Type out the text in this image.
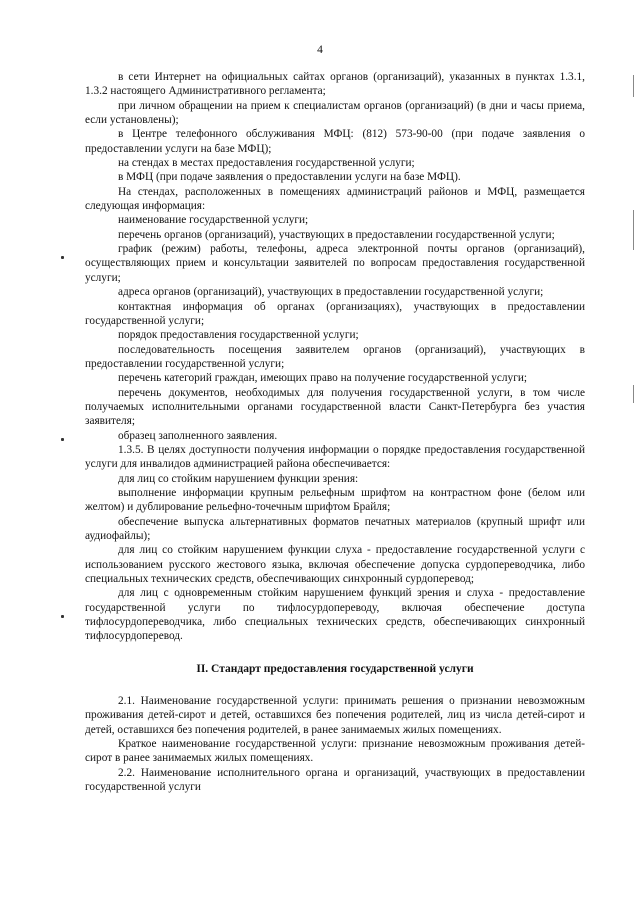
4

в сети Интернет на официальных сайтах органов (организаций), указанных в пунктах 1.3.1, 1.3.2 настоящего Административного регламента;

при личном обращении на прием к специалистам органов (организаций) (в дни и часы приема, если установлены);

в Центре телефонного обслуживания МФЦ: (812) 573-90-00 (при подаче заявления о предоставлении услуги на базе МФЦ);

на стендах в местах предоставления государственной услуги;

в МФЦ (при подаче заявления о предоставлении услуги на базе МФЦ).

На стендах, расположенных в помещениях администраций районов и МФЦ, размещается следующая информация:

наименование государственной услуги;

перечень органов (организаций), участвующих в предоставлении государственной услуги;

график (режим) работы, телефоны, адреса электронной почты органов (организаций), осуществляющих прием и консультации заявителей по вопросам предоставления государственной услуги;

адреса органов (организаций), участвующих в предоставлении государственной услуги;

контактная информация об органах (организациях), участвующих в предоставлении государственной услуги;

порядок предоставления государственной услуги;

последовательность посещения заявителем органов (организаций), участвующих в предоставлении государственной услуги;

перечень категорий граждан, имеющих право на получение государственной услуги;

перечень документов, необходимых для получения государственной услуги, в том числе получаемых исполнительными органами государственной власти Санкт-Петербурга без участия заявителя;

образец заполненного заявления.

1.3.5. В целях доступности получения информации о порядке предоставления государственной услуги для инвалидов администрацией района обеспечивается:

для лиц со стойким нарушением функции зрения:

выполнение информации крупным рельефным шрифтом на контрастном фоне (белом или желтом) и дублирование рельефно-точечным шрифтом Брайля;

обеспечение выпуска альтернативных форматов печатных материалов (крупный шрифт или аудиофайлы);

для лиц со стойким нарушением функции слуха - предоставление государственной услуги с использованием русского жестового языка, включая обеспечение допуска сурдопереводчика, либо специальных технических средств, обеспечивающих синхронный сурдоперевод;

для лиц с одновременным стойким нарушением функций зрения и слуха - предоставление государственной услуги по тифлосурдопереводу, включая обеспечение доступа тифлосурдопереводчика, либо специальных технических средств, обеспечивающих синхронный тифлосурдоперевод.

II. Стандарт предоставления государственной услуги

2.1. Наименование государственной услуги: принимать решения о признании невозможным проживания детей-сирот и детей, оставшихся без попечения родителей, лиц из числа детей-сирот и детей, оставшихся без попечения родителей, в ранее занимаемых жилых помещениях.

Краткое наименование государственной услуги: признание невозможным проживания детей-сирот в ранее занимаемых жилых помещениях.

2.2. Наименование исполнительного органа и организаций, участвующих в предоставлении государственной услуги
